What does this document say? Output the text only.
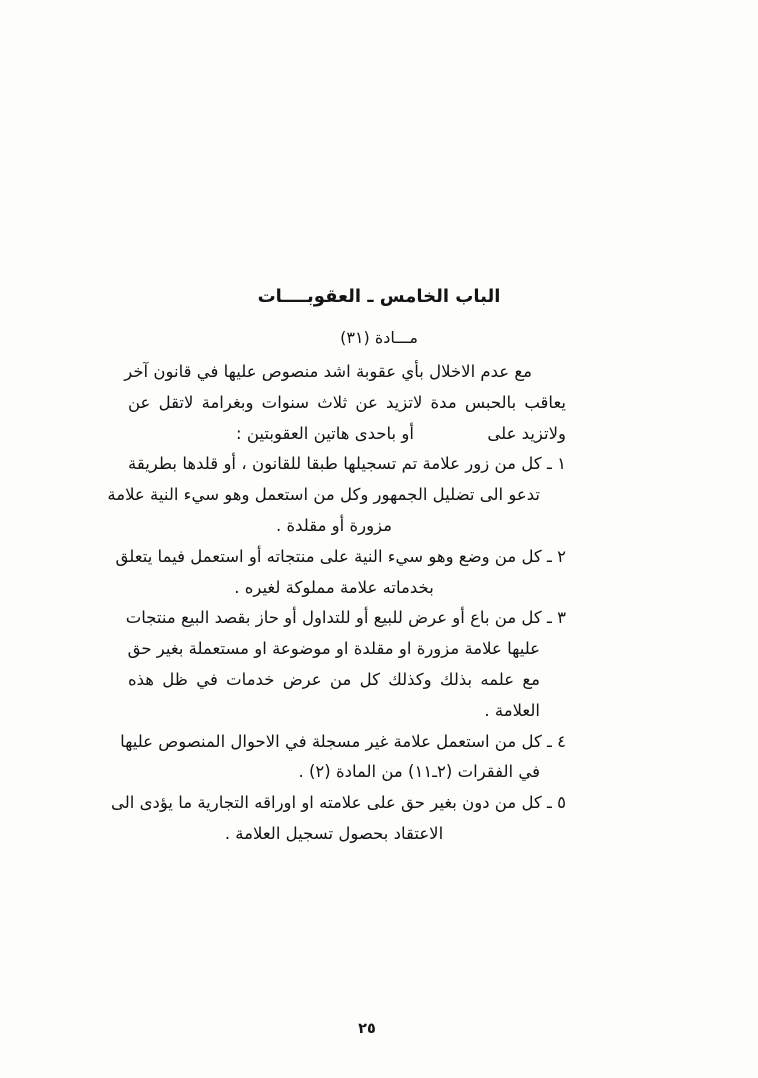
الباب الخامس ـ العقوبــــات
مـــادة (٣١)
مع عدم الاخلال بأي عقوبة اشد منصوص عليها في قانون آخر
يعاقب بالحبس مدة لاتزيد عن ثلاث سنوات وبغرامة لاتقل عن
ولاتزيد على              أو باحدى هاتين العقوبتين :
١ ـ كل من زور علامة تم تسجيلها طبقا للقانون ، أو قلدها بطريقة
تدعو الى تضليل الجمهور وكل من استعمل وهو سيء النية علامة
مزورة أو مقلدة .
٢ ـ كل من وضع وهو سيء النية على منتجاته أو استعمل فيما يتعلق
بخدماته علامة مملوكة لغيره .
٣ ـ كل من باع أو عرض للبيع أو للتداول أو حاز بقصد البيع منتجات
عليها علامة مزورة او مقلدة او موضوعة او مستعملة بغير حق
مع علمه بذلك وكذلك كل من عرض خدمات في ظل هذه
العلامة .
٤ ـ كل من استعمل علامة غير مسجلة في الاحوال المنصوص عليها
في الفقرات ⁦(٢ـ١١)⁩ من المادة (٢) .
٥ ـ كل من دون بغير حق على علامته او اوراقه التجارية ما يؤدى الى
الاعتقاد بحصول تسجيل العلامة .
٢٥
